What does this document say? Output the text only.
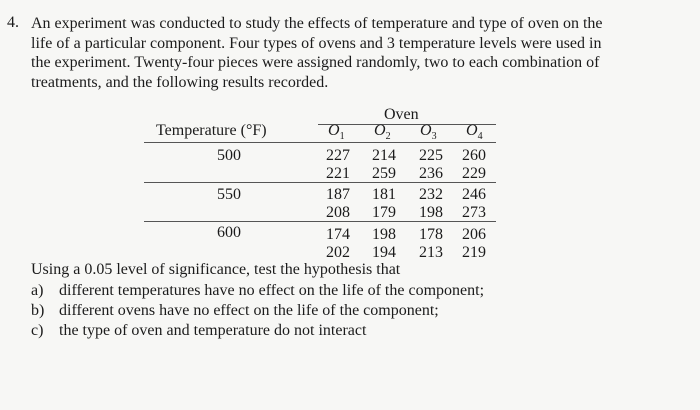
4. An experiment was conducted to study the effects of temperature and type of oven on the
life of a particular component. Four types of ovens and 3 temperature levels were used in
the experiment. Twenty-four pieces were assigned randomly, two to each combination of
treatments, and the following results recorded.
Oven
Temperature (°F)	$O_1$ $O_2$ $O_3$ $O_4$
500	227	214	225	260
221	259	236	229
550	187	181	232	246
208	179	198	273
600	174	198	178	206
202	194	213	219
Using a 0.05 level of significance, test the hypothesis that
a) different temperatures have no effect on the life of the component;
b) different ovens have no effect on the life of the component;
c) the type of oven and temperature do not interact
